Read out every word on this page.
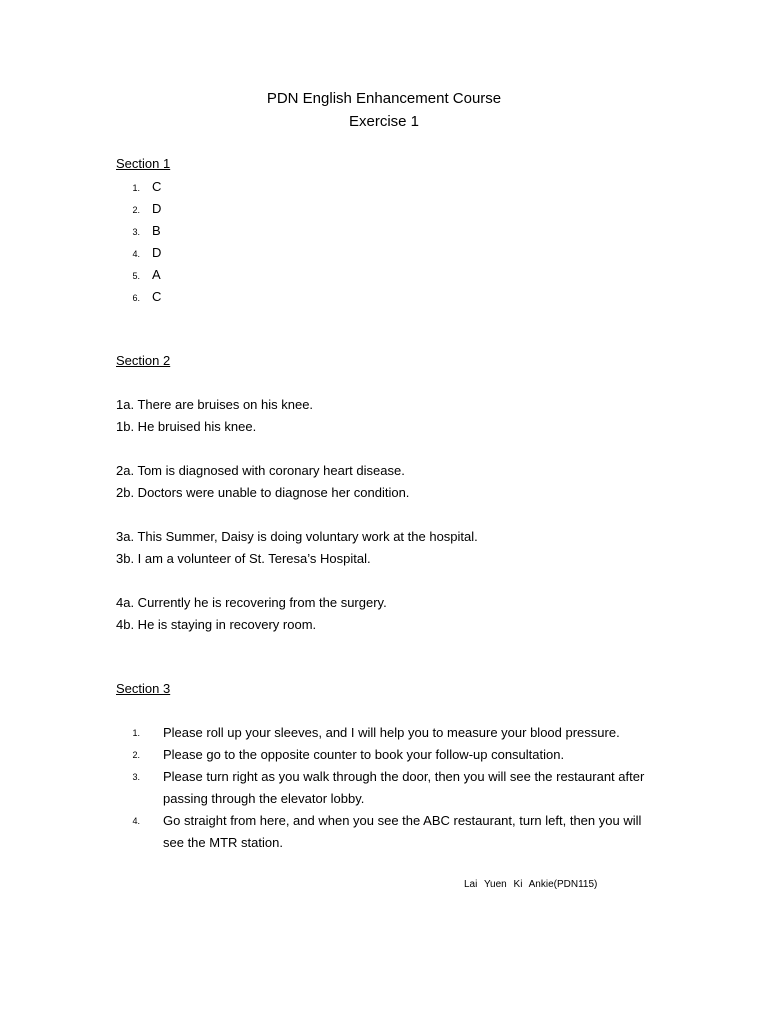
PDN English Enhancement Course
Exercise 1
Section 1
1. C
2. D
3. B
4. D
5. A
6. C
Section 2
1a. There are bruises on his knee.
1b. He bruised his knee.
2a. Tom is diagnosed with coronary heart disease.
2b. Doctors were unable to diagnose her condition.
3a. This Summer, Daisy is doing voluntary work at the hospital.
3b. I am a volunteer of St. Teresa’s Hospital.
4a. Currently he is recovering from the surgery.
4b. He is staying in recovery room.
Section 3
1. Please roll up your sleeves, and I will help you to measure your blood pressure.
2. Please go to the opposite counter to book your follow-up consultation.
3. Please turn right as you walk through the door, then you will see the restaurant after passing through the elevator lobby.
4. Go straight from here, and when you see the ABC restaurant, turn left, then you will see the MTR station.
Lai Yuen Ki Ankie(PDN115)
